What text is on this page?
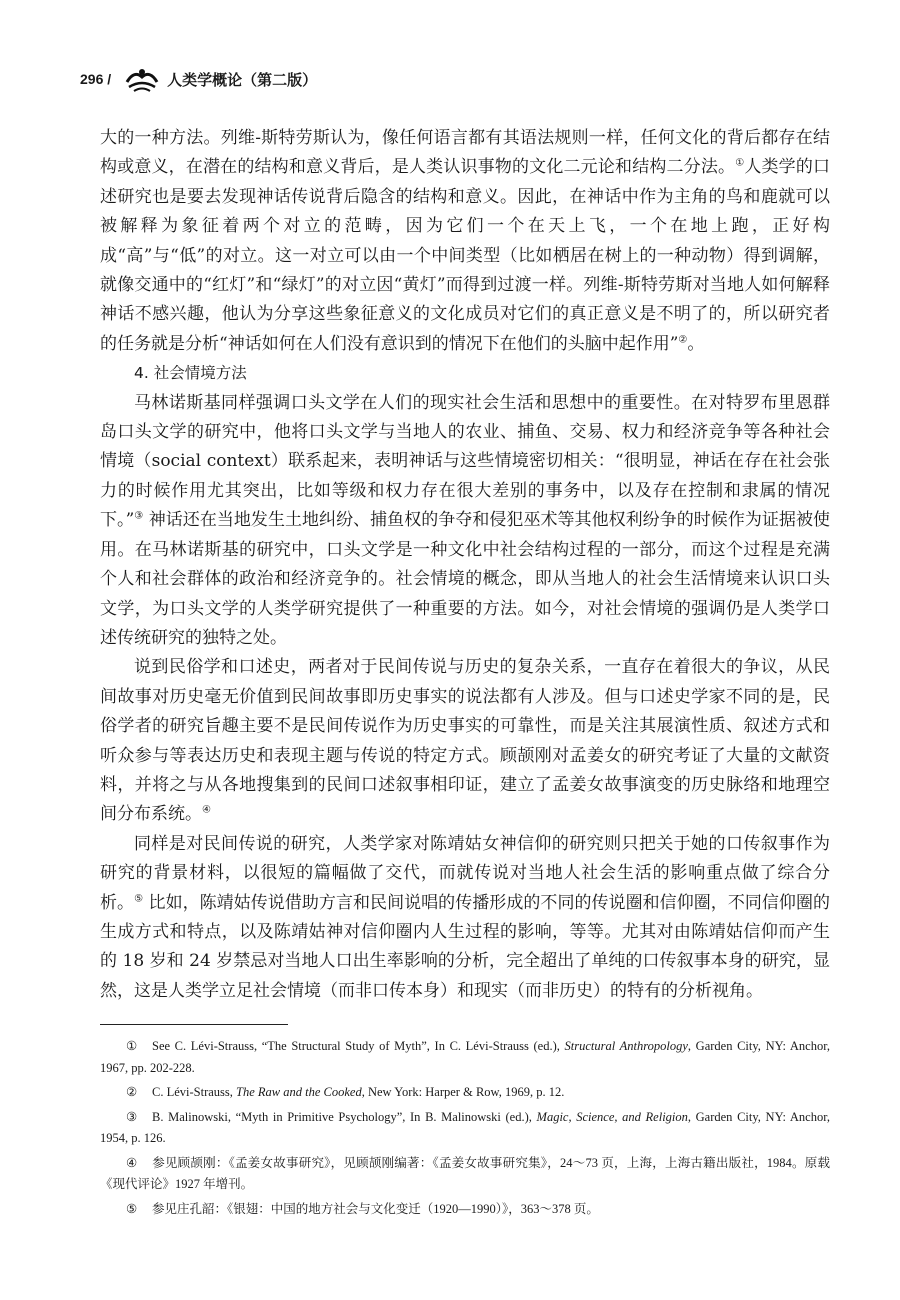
296 /	人类学概论（第二版）

大的一种方法。列维-斯特劳斯认为，像任何语言都有其语法规则一样，任何文化的背后都存在结构或意义，在潜在的结构和意义背后，是人类认识事物的文化二元论和结构二分法。①人类学的口述研究也是要去发现神话传说背后隐含的结构和意义。因此，在神话中作为主角的鸟和鹿就可以被解释为象征着两个对立的范畴，因为它们一个在天上飞，一个在地上跑，正好构成“高”与“低”的对立。这一对立可以由一个中间类型（比如栖居在树上的一种动物）得到调解，就像交通中的“红灯”和“绿灯”的对立因“黄灯”而得到过渡一样。列维-斯特劳斯对当地人如何解释神话不感兴趣，他认为分享这些象征意义的文化成员对它们的真正意义是不明了的，所以研究者的任务就是分析“神话如何在人们没有意识到的情况下在他们的头脑中起作用”②。

4. 社会情境方法

马林诺斯基同样强调口头文学在人们的现实社会生活和思想中的重要性。在对特罗布里恩群岛口头文学的研究中，他将口头文学与当地人的农业、捕鱼、交易、权力和经济竞争等各种社会情境（social context）联系起来，表明神话与这些情境密切相关：“很明显，神话在存在社会张力的时候作用尤其突出，比如等级和权力存在很大差别的事务中，以及存在控制和隶属的情况下。”③ 神话还在当地发生土地纠纷、捕鱼权的争夺和侵犯巫术等其他权利纷争的时候作为证据被使用。在马林诺斯基的研究中，口头文学是一种文化中社会结构过程的一部分，而这个过程是充满个人和社会群体的政治和经济竞争的。社会情境的概念，即从当地人的社会生活情境来认识口头文学，为口头文学的人类学研究提供了一种重要的方法。如今，对社会情境的强调仍是人类学口述传统研究的独特之处。

说到民俗学和口述史，两者对于民间传说与历史的复杂关系，一直存在着很大的争议，从民间故事对历史毫无价值到民间故事即历史事实的说法都有人涉及。但与口述史学家不同的是，民俗学者的研究旨趣主要不是民间传说作为历史事实的可靠性，而是关注其展演性质、叙述方式和听众参与等表达历史和表现主题与传说的特定方式。顾颉刚对孟姜女的研究考证了大量的文献资料，并将之与从各地搜集到的民间口述叙事相印证，建立了孟姜女故事演变的历史脉络和地理空间分布系统。④

同样是对民间传说的研究，人类学家对陈靖姑女神信仰的研究则只把关于她的口传叙事作为研究的背景材料，以很短的篇幅做了交代，而就传说对当地人社会生活的影响重点做了综合分析。⑤ 比如，陈靖姑传说借助方言和民间说唱的传播形成的不同的传说圈和信仰圈，不同信仰圈的生成方式和特点，以及陈靖姑神对信仰圈内人生过程的影响，等等。尤其对由陈靖姑信仰而产生的 18 岁和 24 岁禁忌对当地人口出生率影响的分析，完全超出了单纯的口传叙事本身的研究，显然，这是人类学立足社会情境（而非口传本身）和现实（而非历史）的特有的分析视角。

① See C. Lévi-Strauss, “The Structural Study of Myth”, In C. Lévi-Strauss (ed.), Structural Anthropology, Garden City, NY: Anchor, 1967, pp. 202-228.

② C. Lévi-Strauss, The Raw and the Cooked, New York: Harper & Row, 1969, p. 12.

③ B. Malinowski, “Myth in Primitive Psychology”, In B. Malinowski (ed.), Magic, Science, and Religion, Garden City, NY: Anchor, 1954, p. 126.

④ 参见顾颉刚：《孟姜女故事研究》，见顾颉刚编著：《孟姜女故事研究集》，24～73 页，上海，上海古籍出版社，1984。原载《现代评论》1927 年增刊。

⑤ 参见庄孔韶：《银翅：中国的地方社会与文化变迁（1920—1990）》，363～378 页。
